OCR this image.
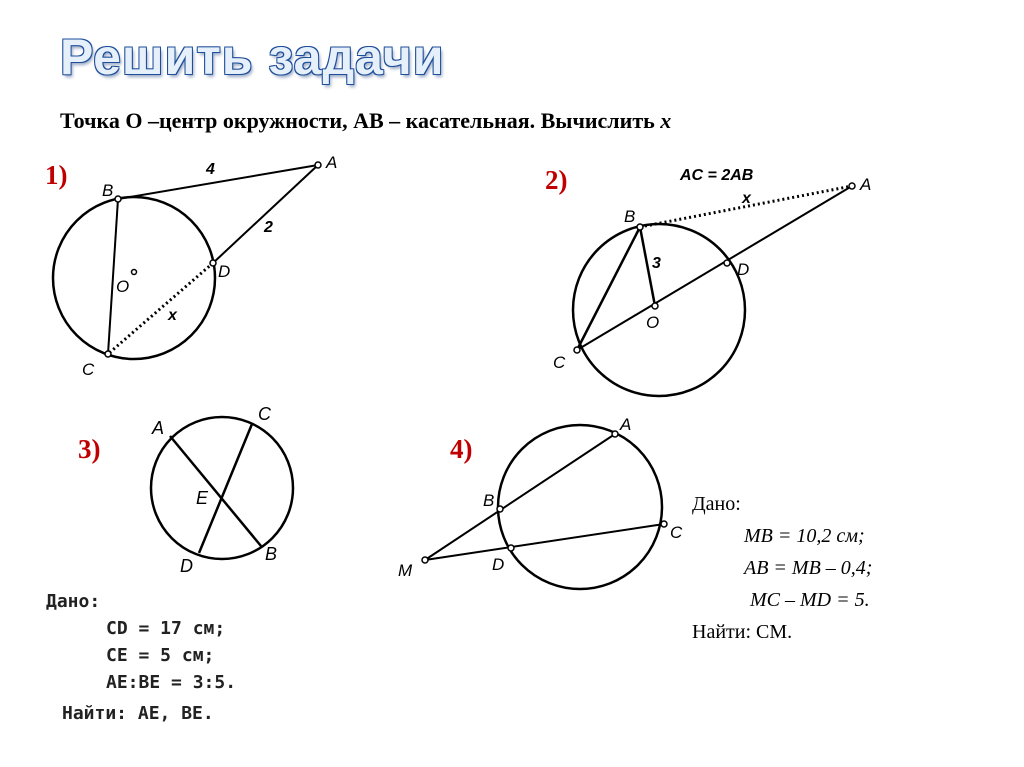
Решить задачи
Точка О –центр окружности, АВ – касательная. Вычислить x
1)
B
A
D
C
O
4
2
x
2)	AC = 2AB
B
A
D
O
C
3
x
3)
A
C
E
D
B
Дано:
CD = 17 см;
CE = 5 см;
AE:BE = 3:5.
Найти: AE, BE.
4)
A
B
C
D
M
Дано:
MB = 10,2 см;
AB = MB – 0,4;
MC – MD = 5.
Найти: CM.
